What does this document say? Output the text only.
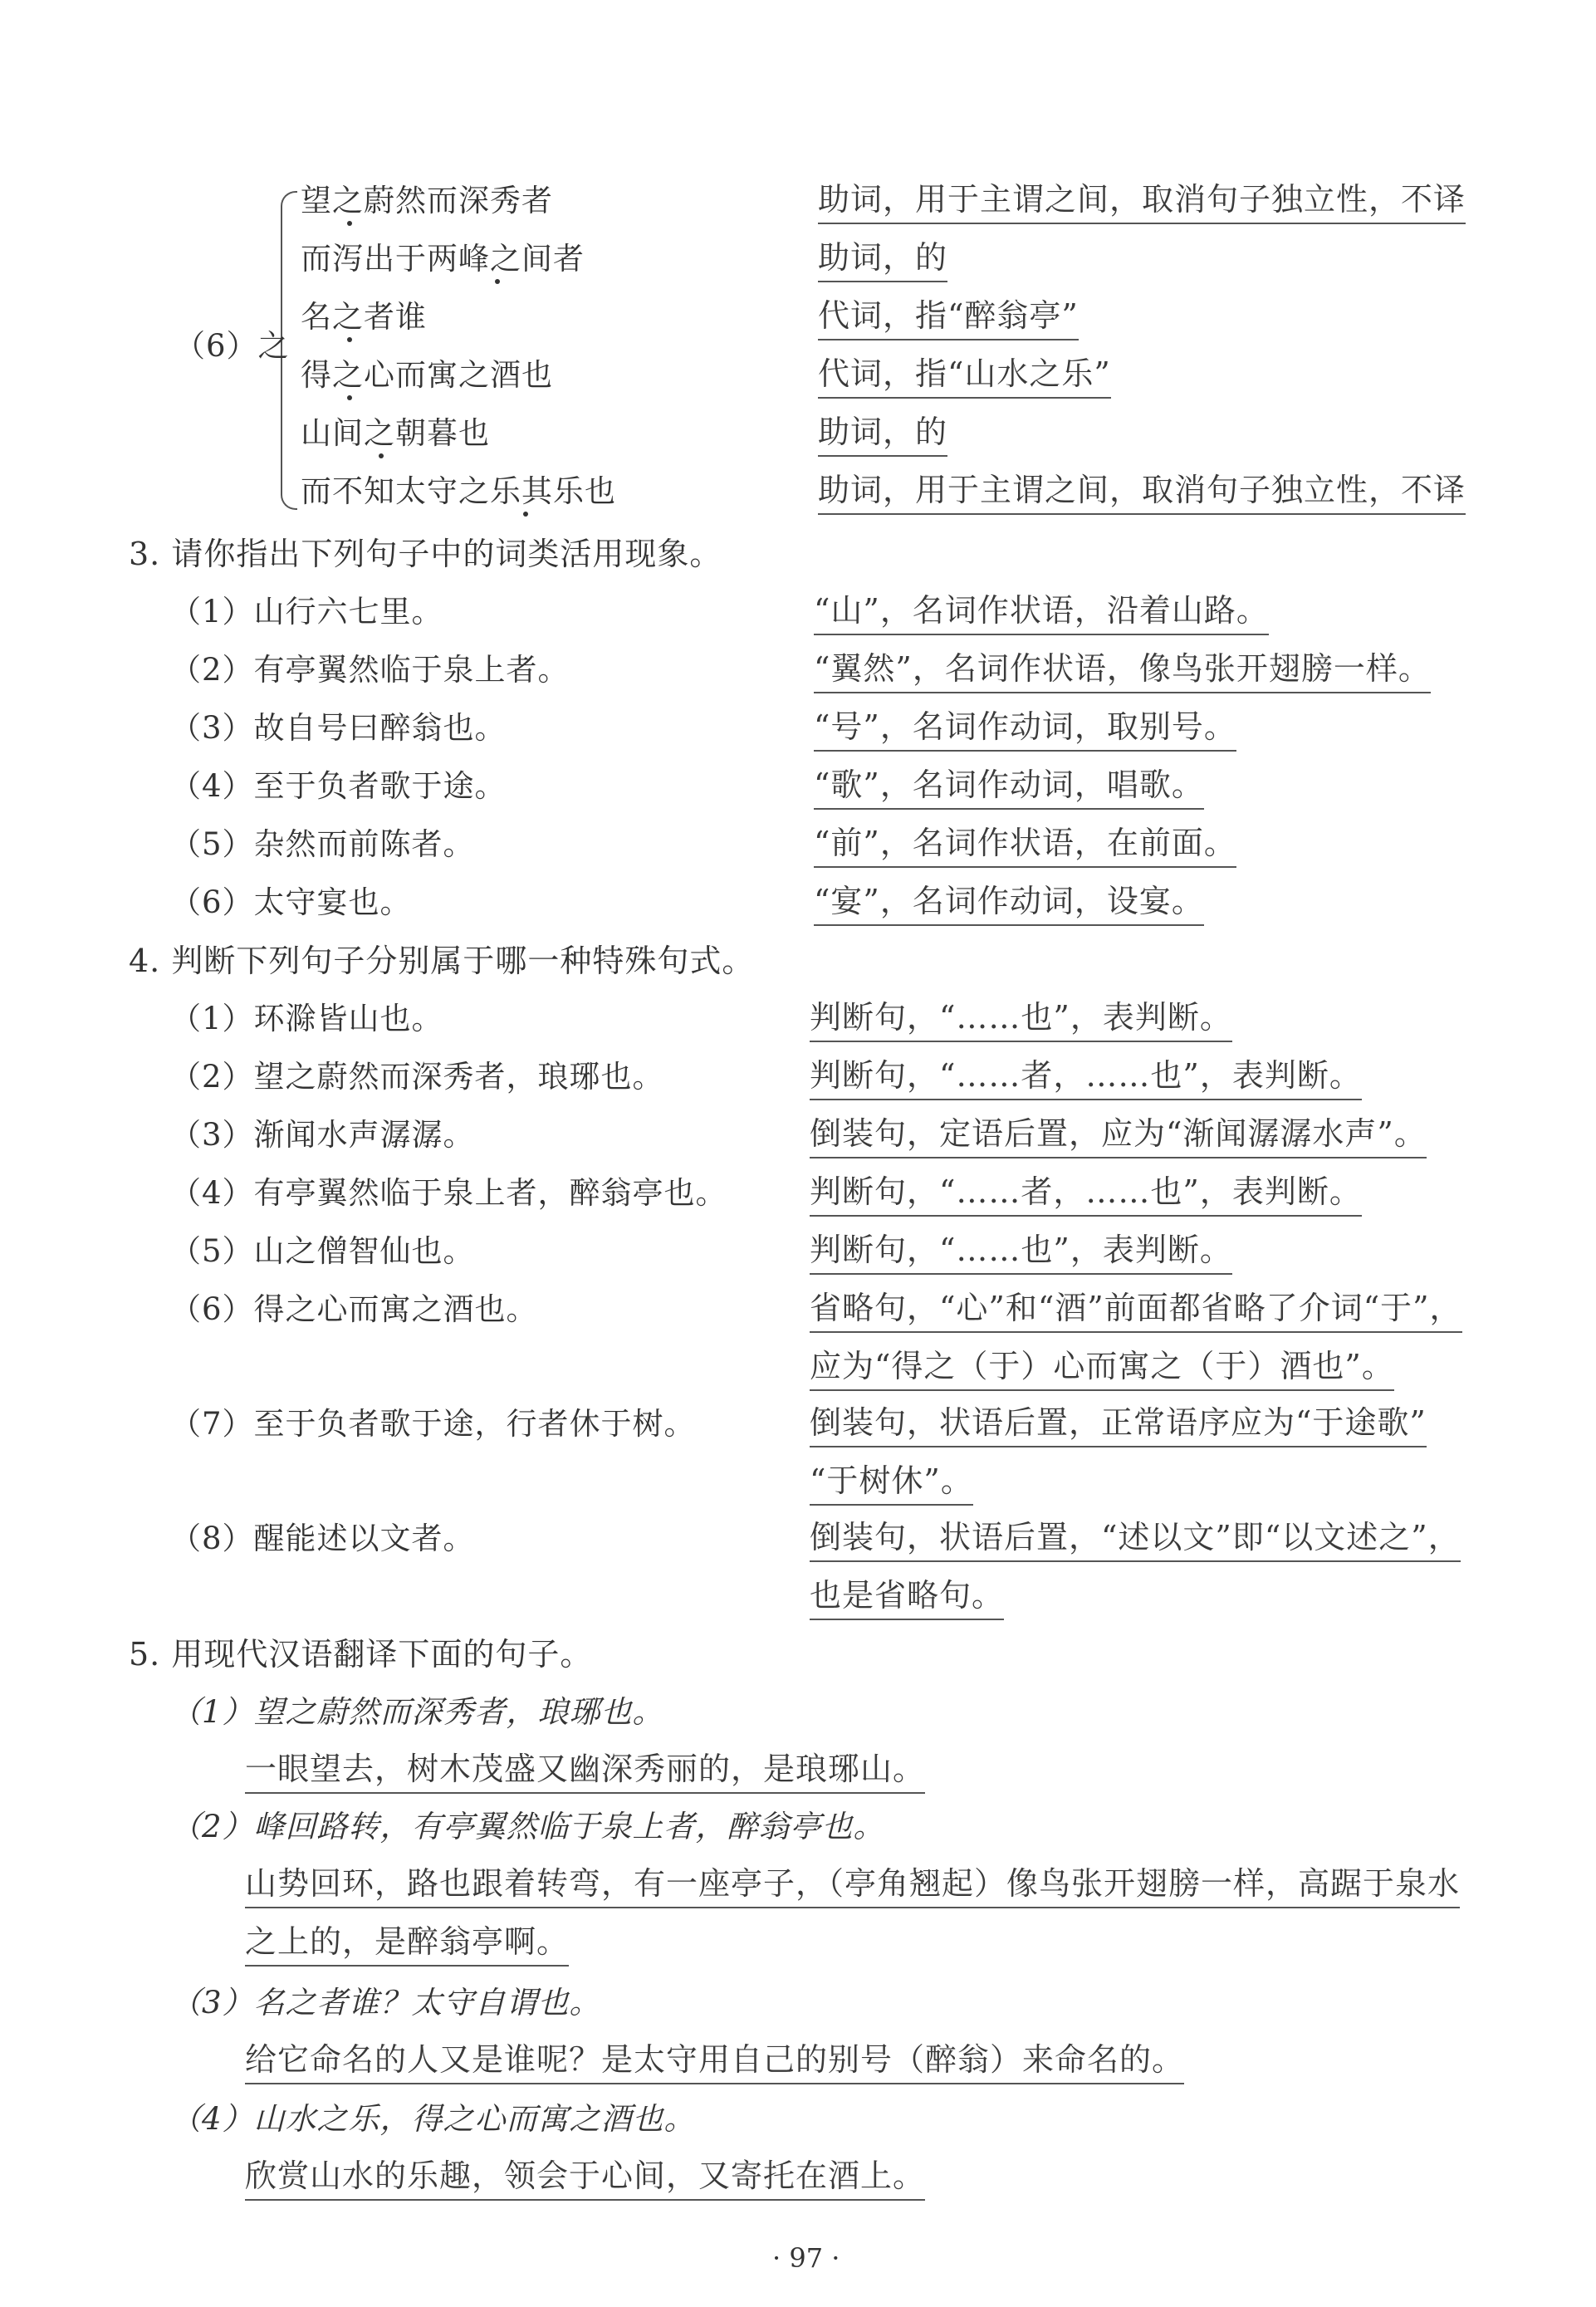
（6）之
望之蔚然而深秀者	助词，用于主谓之间，取消句子独立性，不译
而泻出于两峰之间者	助词，的
名之者谁	代词，指“醉翁亭”
得之心而寓之酒也	代词，指“山水之乐”
山间之朝暮也	助词，的
而不知太守之乐其乐也	助词，用于主谓之间，取消句子独立性，不译
3. 请你指出下列句子中的词类活用现象。
（1）山行六七里。	“山”，名词作状语，沿着山路。
（2）有亭翼然临于泉上者。	“翼然”，名词作状语，像鸟张开翅膀一样。
（3）故自号曰醉翁也。	“号”，名词作动词，取别号。
（4）至于负者歌于途。	“歌”，名词作动词，唱歌。
（5）杂然而前陈者。	“前”，名词作状语，在前面。
（6）太守宴也。	“宴”，名词作动词，设宴。
4. 判断下列句子分别属于哪一种特殊句式。
（1）环滁皆山也。	判断句，“……也”，表判断。
（2）望之蔚然而深秀者，琅琊也。	判断句，“……者，……也”，表判断。
（3）渐闻水声潺潺。	倒装句，定语后置，应为“渐闻潺潺水声”。
（4）有亭翼然临于泉上者，醉翁亭也。	判断句，“……者，……也”，表判断。
（5）山之僧智仙也。	判断句，“……也”，表判断。
（6）得之心而寓之酒也。	省略句，“心”和“酒”前面都省略了介词“于”，
应为“得之（于）心而寓之（于）酒也”。
（7）至于负者歌于途，行者休于树。	倒装句，状语后置，正常语序应为“于途歌”
“于树休”。
（8）醒能述以文者。	倒装句，状语后置，“述以文”即“以文述之”，
也是省略句。
5. 用现代汉语翻译下面的句子。
（1）望之蔚然而深秀者，琅琊也。
一眼望去，树木茂盛又幽深秀丽的，是琅琊山。
（2）峰回路转，有亭翼然临于泉上者，醉翁亭也。
山势回环，路也跟着转弯，有一座亭子，（亭角翘起）像鸟张开翅膀一样，高踞于泉水
之上的，是醉翁亭啊。
（3）名之者谁？太守自谓也。
给它命名的人又是谁呢？是太守用自己的别号（醉翁）来命名的。
（4）山水之乐，得之心而寓之酒也。
欣赏山水的乐趣，领会于心间，又寄托在酒上。
· 97 ·
